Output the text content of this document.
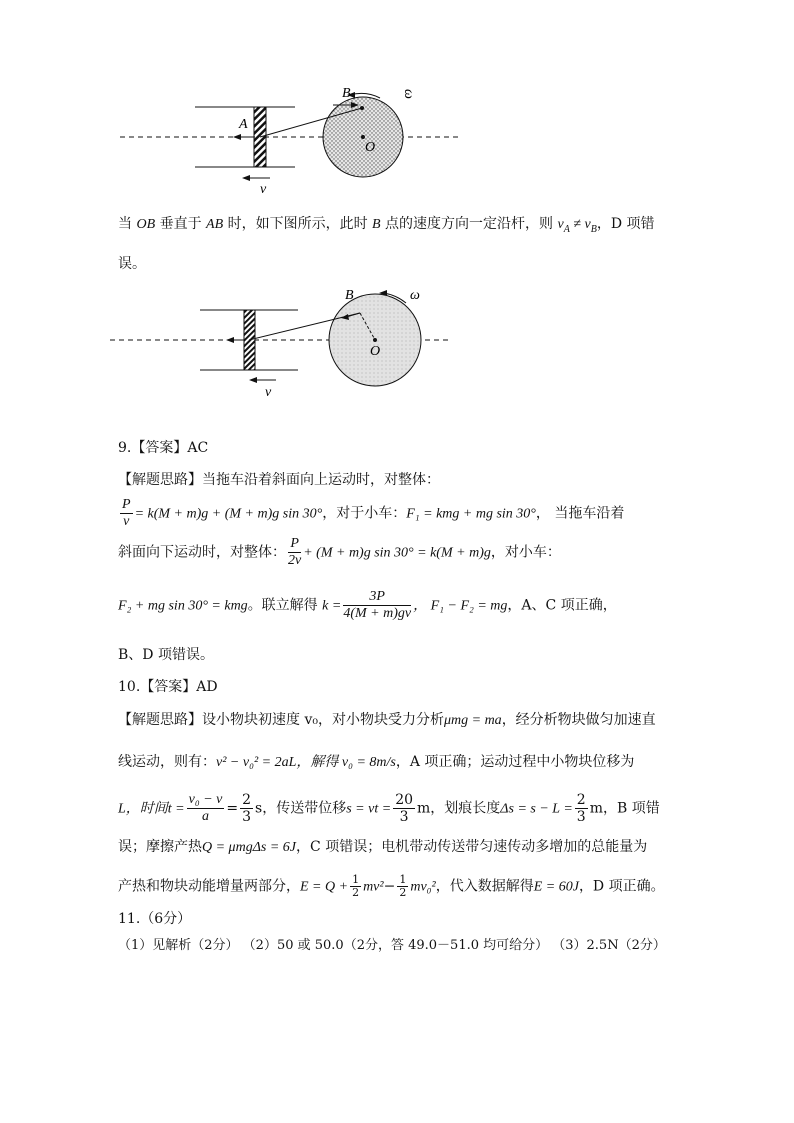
B
A
O
ω
v
当 OB 垂直于 AB 时，如下图所示，此时 B 点的速度方向一定沿杆，则 $v_A \ne v_B$，D 项错
误。
B
O
ω
v
9.【答案】AC
【解题思路】当拖车沿着斜面向上运动时，对整体：
$\frac{P}{v} = k(M + m)g + (M + m)g$ sin 30°，对于小车：F₁ = kmg + mg sin 30°， 当拖车沿着
斜面向下运动时，对整体： $\frac{P}{2v} + (M + m)g$ sin 30° = k(M + m)g，对小车：
F₂ + mg sin 30° = kmg。联立解得 $k = \frac{3P}{4(M + m)gv}$ ， F₁ − F₂ = mg，A、C 项正确，
B、D 项错误。
10.【答案】AD
【解题思路】设小物块初速度 v₀，对小物块受力分析μmg = ma，经分析物块做匀加速直
线运动，则有：v² − v₀² = 2aL，解得 v₀ = 8m/s，A 项正确；运动过程中小物块位移为
L，时间$t = \frac{\text{v₀ − v}}{a} = \frac{2}{3}$ s，传送带位移s = vt = $\frac{20}{3}$ m，划痕长度$\Delta s = s - L = \frac{2}{3}$ m，B 项错
误；摩擦产热Q = μmgΔs = 6J，C 项错误；电机带动传送带匀速传动多增加的总能量为
产热和物块动能增量两部分，$E = Q + \frac{1}{2} mv^2- \frac{1}{2} mv_0^2$，代入数据解得E = 60J，D 项正确。
11.（6分）
（1）见解析（2分） （2）50 或 50.0（2分，答 49.0－51.0 均可给分） （3）2.5N（2分）
